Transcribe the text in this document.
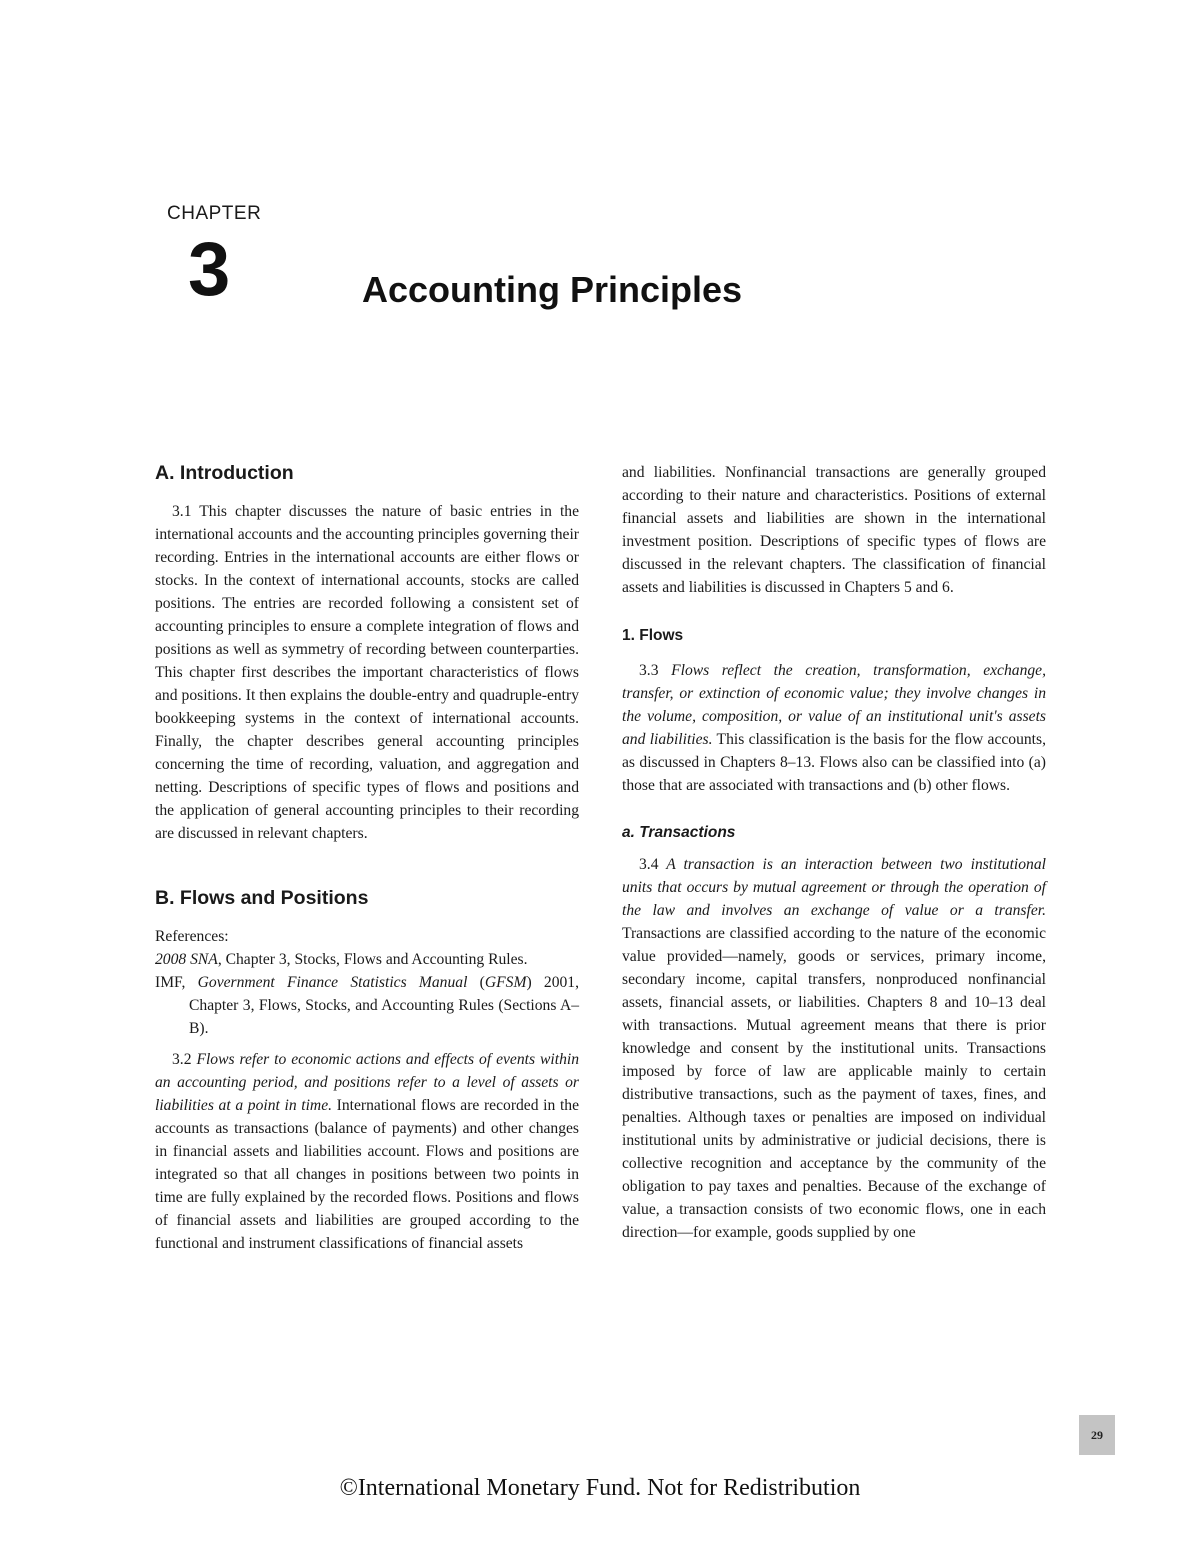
CHAPTER
3	Accounting Principles
A. Introduction

3.1 This chapter discusses the nature of basic entries in the international accounts and the accounting principles governing their recording. Entries in the international accounts are either flows or stocks. In the context of international accounts, stocks are called positions. The entries are recorded following a consistent set of accounting principles to ensure a complete integration of flows and positions as well as symmetry of recording between counterparties. This chapter first describes the important characteristics of flows and positions. It then explains the double-entry and quadruple-entry bookkeeping systems in the context of international accounts. Finally, the chapter describes general accounting principles concerning the time of recording, valuation, and aggregation and netting. Descriptions of specific types of flows and positions and the application of general accounting principles to their recording are discussed in relevant chapters.

B. Flows and Positions

References:

2008 SNA, Chapter 3, Stocks, Flows and Accounting Rules.

IMF, Government Finance Statistics Manual (GFSM) 2001, Chapter 3, Flows, Stocks, and Accounting Rules (Sections A–B).

3.2 Flows refer to economic actions and effects of events within an accounting period, and positions refer to a level of assets or liabilities at a point in time. International flows are recorded in the accounts as transactions (balance of payments) and other changes in financial assets and liabilities account. Flows and positions are integrated so that all changes in positions between two points in time are fully explained by the recorded flows. Positions and flows of financial assets and liabilities are grouped according to the functional and instrument classifications of financial assets

and liabilities. Nonfinancial transactions are generally grouped according to their nature and characteristics. Positions of external financial assets and liabilities are shown in the international investment position. Descriptions of specific types of flows are discussed in the relevant chapters. The classification of financial assets and liabilities is discussed in Chapters 5 and 6.

1. Flows

3.3 Flows reflect the creation, transformation, exchange, transfer, or extinction of economic value; they involve changes in the volume, composition, or value of an institutional unit's assets and liabilities. This classification is the basis for the flow accounts, as discussed in Chapters 8–13. Flows also can be classified into (a) those that are associated with transactions and (b) other flows.

a. Transactions

3.4 A transaction is an interaction between two institutional units that occurs by mutual agreement or through the operation of the law and involves an exchange of value or a transfer. Transactions are classified according to the nature of the economic value provided—namely, goods or services, primary income, secondary income, capital transfers, nonproduced nonfinancial assets, financial assets, or liabilities. Chapters 8 and 10–13 deal with transactions. Mutual agreement means that there is prior knowledge and consent by the institutional units. Transactions imposed by force of law are applicable mainly to certain distributive transactions, such as the payment of taxes, fines, and penalties. Although taxes or penalties are imposed on individual institutional units by administrative or judicial decisions, there is collective recognition and acceptance by the community of the obligation to pay taxes and penalties. Because of the exchange of value, a transaction consists of two economic flows, one in each direction—for example, goods supplied by one

29
©International Monetary Fund. Not for Redistribution
